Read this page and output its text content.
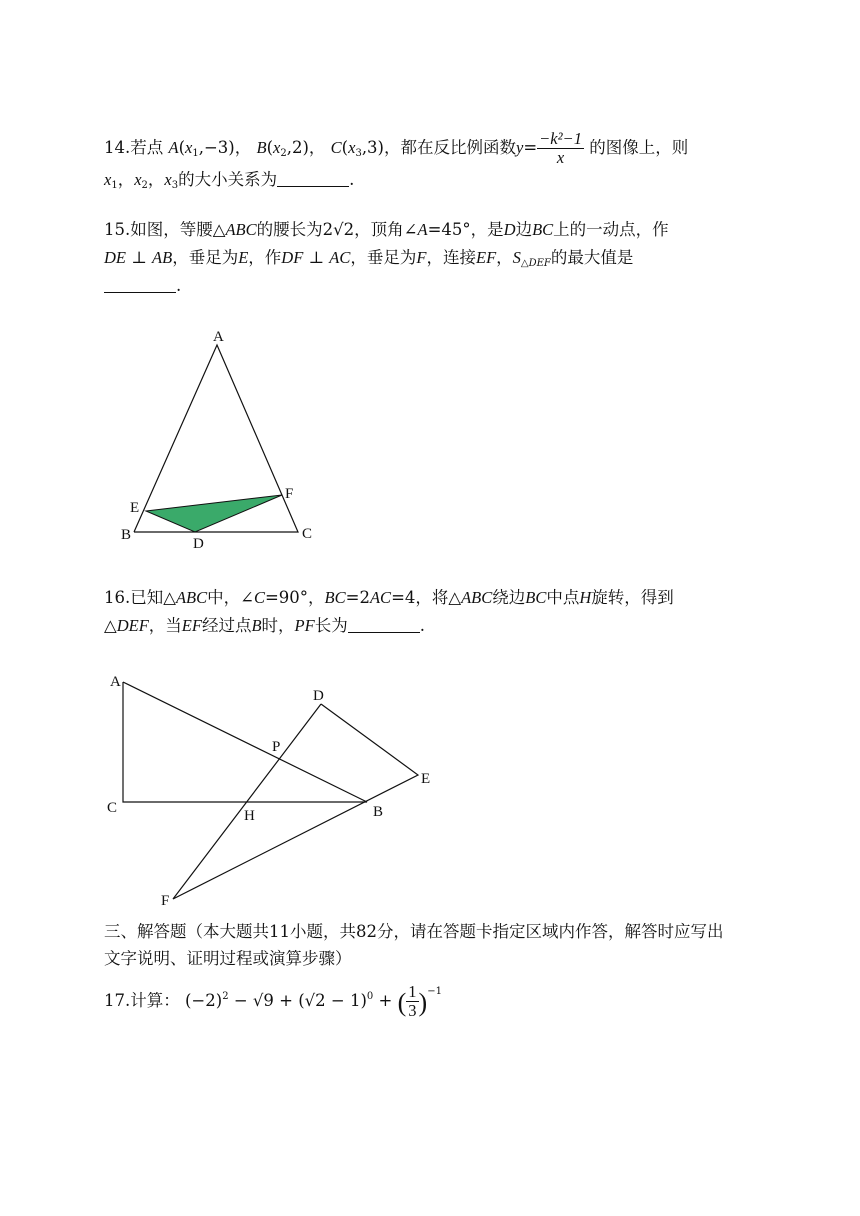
14.若点 $A(x_1,-3)$， $B(x_2,2)$， $C(x_3,3)$，都在反比例函数$y= \frac{\text{−k²−1}}{x}$ 的图像上，则
$x_1$，$x_2$，$x_3$的大小关系为	.
15.如图，等腰△ABC的腰长为2√2，顶角∠A=45°，是D边BC上的一动点，作
DE ⊥ AB，垂足为E，作DF ⊥ AC，垂足为F，连接EF，$S_{\triangle DEF}$的最大值是
.
A
B	C
D
E
F
16.已知△ABC中，∠C=90°，BC=2AC=4，将△ABC绕边BC中点H旋转，得到
△DEF，当EF经过点B时，PF长为	.
A
C	B
D
E
F
H
P
三、解答题（本大题共11小题，共82分，请在答题卡指定区域内作答，解答时应写出
文字说明、证明过程或演算步骤）
17.计算： $(-2)^2 - √9 + (√2 - 1)^0$ + ( $\frac{1}{3} )^{-1}$
